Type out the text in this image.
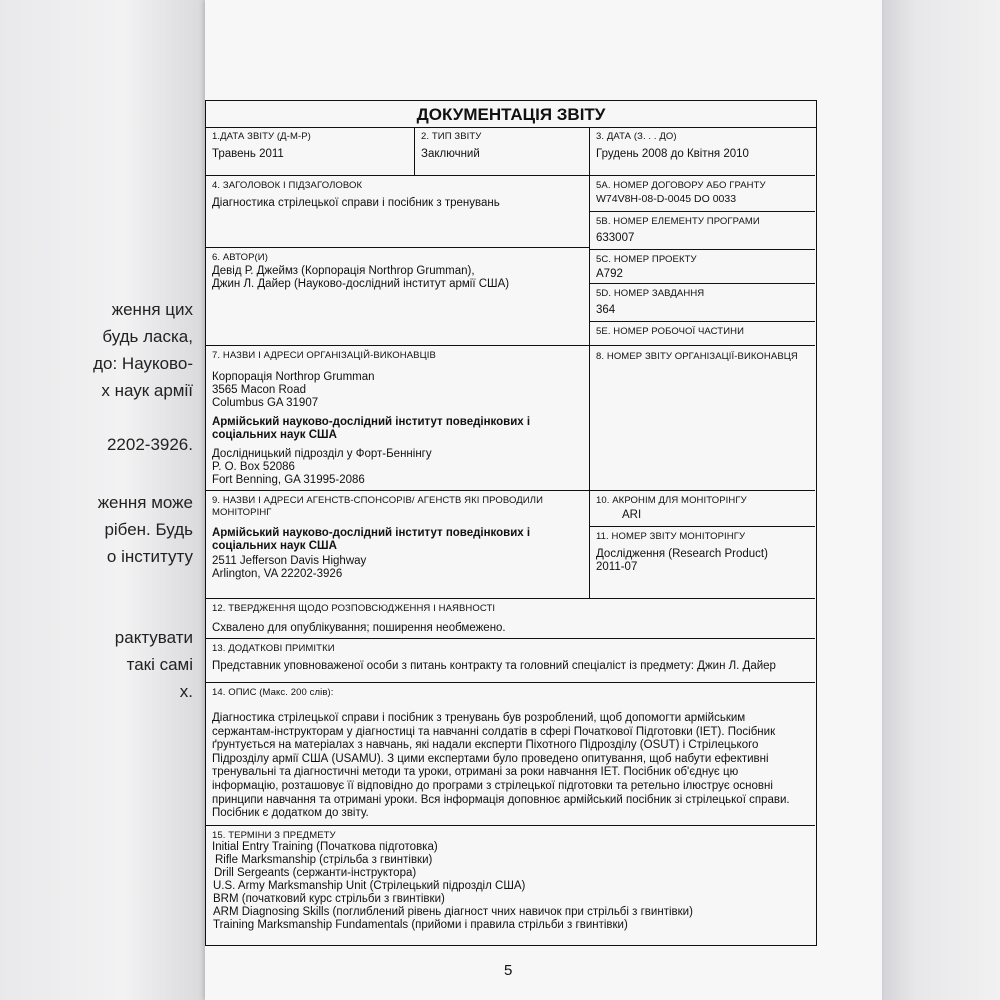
ження цих
будь ласка,
до: Науково-
х наук армії
2202-3926.
ження може
рібен. Будь
о інституту
рактувати
такі самі
х.
ДОКУМЕНТАЦІЯ ЗВІТУ
1.ДАТА ЗВІТУ (Д-М-Р)
Травень 2011
2. ТИП ЗВІТУ
Заключний
3. ДАТА (З. . . ДО)
Грудень 2008 до Квітня 2010
4. ЗАГОЛОВОК І ПІДЗАГОЛОВОК
Діагностика стрілецької справи і посібник з тренувань
5A. НОМЕР ДОГОВОРУ АБО ГРАНТУ
W74V8H-08-D-0045 DO 0033
5B. НОМЕР ЕЛЕМЕНТУ ПРОГРАМИ
633007
5C. НОМЕР ПРОЕКТУ
A792
5D. НОМЕР ЗАВДАННЯ
364
5E. НОМЕР РОБОЧОЇ ЧАСТИНИ
6. АВТОР(И)
Девід Р. Джеймз (Корпорація Northrop Grumman),
Джин Л. Дайер (Науково-дослідний інститут армії США)
7. НАЗВИ І АДРЕСИ ОРГАНІЗАЦІЙ-ВИКОНАВЦІВ
Корпорація Northrop Grumman
3565 Macon Road
Columbus GA 31907
Армійський науково-дослідний інститут поведінкових і соціальних наук США
Дослідницький підрозділ у Форт-Беннінгу
P. O. Box 52086
Fort Benning, GA 31995-2086
8. НОМЕР ЗВІТУ ОРГАНІЗАЦІЇ-ВИКОНАВЦЯ
9. НАЗВИ І АДРЕСИ АГЕНСТВ-СПОНСОРІВ/ АГЕНСТВ ЯКІ ПРОВОДИЛИ МОНІТОРІНГ
Армійський науково-дослідний інститут поведінкових і соціальних наук США
2511 Jefferson Davis Highway
Arlington, VA 22202-3926
10. АКРОНІМ ДЛЯ МОНІТОРІНГУ
ARI
11. НОМЕР ЗВІТУ МОНІТОРІНГУ
Дослідження (Research Product)
2011-07
12. ТВЕРДЖЕННЯ ЩОДО РОЗПОВСЮДЖЕННЯ І НАЯВНОСТІ
Схвалено для опублікування; поширення необмежено.
13. ДОДАТКОВІ ПРИМІТКИ
Представник уповноваженої особи з питань контракту та головний спеціаліст із предмету: Джин Л. Дайер
14. ОПИС (Макс. 200 слів):
Діагностика стрілецької справи і посібник з тренувань був розроблений, щоб допомогти армійським сержантам-інструкторам у діагностиці та навчанні солдатів в сфері Початкової Підготовки (IET). Посібник ґрунтується на матеріалах з навчань, які надали експерти Піхотного Підрозділу (OSUT) і Стрілецького Підрозділу армії США (USAMU). З цими експертами було проведено опитування, щоб набути ефективні тренувальні та діагностичні методи та уроки, отримані за роки навчання IET. Посібник об'єднує цю інформацію, розташовує її відповідно до програми з стрілецької підготовки та ретельно ілюструє основні принципи навчання та отримані уроки. Вся інформація доповнює армійський посібник зі стрілецької справи. Посібник є додатком до звіту.
15. ТЕРМІНИ З ПРЕДМЕТУ
Initial Entry Training (Початкова підготовка)
Rifle Marksmanship (стрільба з гвинтівки)
Drill Sergeants (сержанти-інструктора)
U.S. Army Marksmanship Unit (Стрілецький підрозділ США)
BRM (початковий курс стрільби з гвинтівки)
ARM Diagnosing Skills (поглиблений рівень діагност чних навичок при стрільбі з гвинтівки)
Training Marksmanship Fundamentals (прийоми і правила стрільби з гвинтівки)
5
